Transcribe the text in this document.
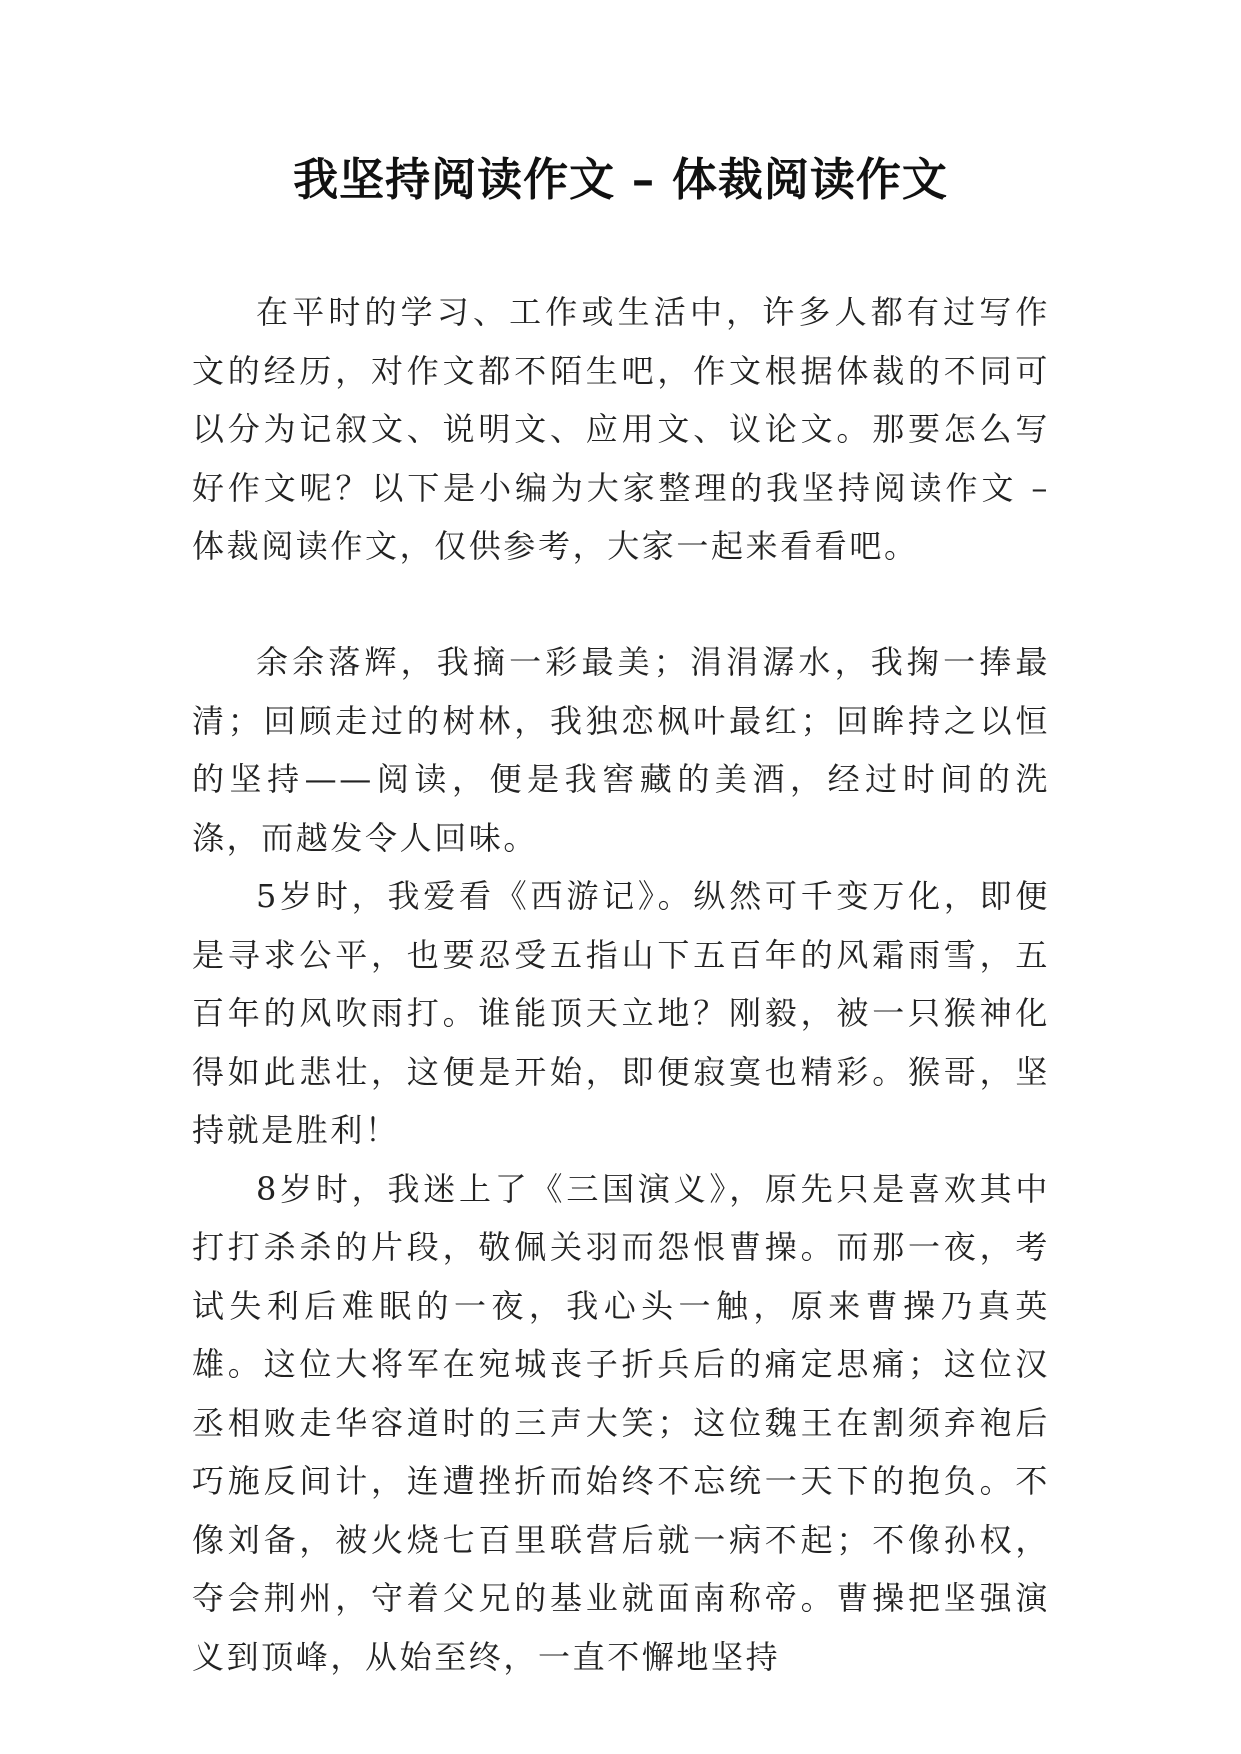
我坚持阅读作文 – 体裁阅读作文

在平时的学习、工作或生活中，许多人都有过写作文的经历，对作文都不陌生吧，作文根据体裁的不同可以分为记叙文、说明文、应用文、议论文。那要怎么写好作文呢？以下是小编为大家整理的我坚持阅读作文 – 体裁阅读作文，仅供参考，大家一起来看看吧。

余余落辉，我摘一彩最美；涓涓潺水，我掬一捧最清；回顾走过的树林，我独恋枫叶最红；回眸持之以恒的坚持——阅读，便是我窖藏的美酒，经过时间的洗涤，而越发令人回味。

5岁时，我爱看《西游记》。纵然可千变万化，即便是寻求公平，也要忍受五指山下五百年的风霜雨雪，五百年的风吹雨打。谁能顶天立地？刚毅，被一只猴神化得如此悲壮，这便是开始，即便寂寞也精彩。猴哥，坚持就是胜利！

8岁时，我迷上了《三国演义》，原先只是喜欢其中打打杀杀的片段，敬佩关羽而怨恨曹操。而那一夜，考试失利后难眠的一夜，我心头一触，原来曹操乃真英雄。这位大将军在宛城丧子折兵后的痛定思痛；这位汉丞相败走华容道时的三声大笑；这位魏王在割须弃袍后巧施反间计，连遭挫折而始终不忘统一天下的抱负。不像刘备，被火烧七百里联营后就一病不起；不像孙权，夺会荆州，守着父兄的基业就面南称帝。曹操把坚强演义到顶峰，从始至终，一直不懈地坚持
